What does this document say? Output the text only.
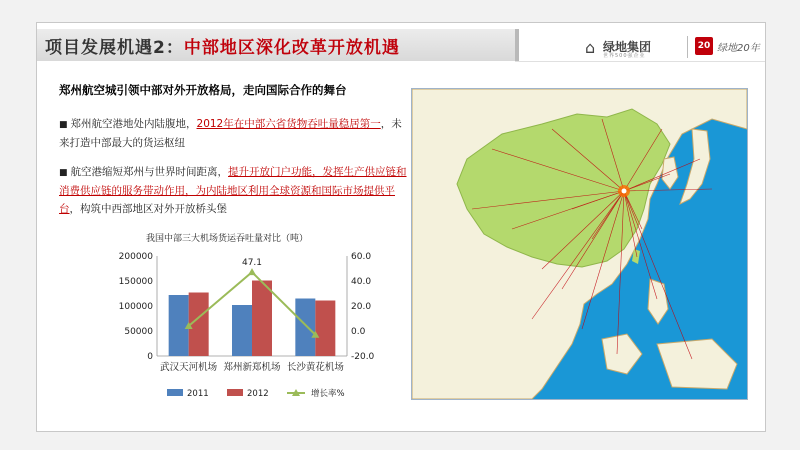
项目发展机遇2：中部地区深化改革开放机遇	⌂ 绿地集团
世界500强企业
20 绿地20年
郑州航空城引领中部对外开放格局，走向国际合作的舞台
■ 郑州航空港地处内陆腹地，2012年在中部六省货物吞吐量稳居第一，未来打造中部最大的货运枢纽
■ 航空港缩短郑州与世界时间距离，提升开放门户功能，发挥生产供应链和消费供应链的服务带动作用，为内陆地区利用全球资源和国际市场提供平台，构筑中西部地区对外开放桥头堡
我国中部三大机场货运吞吐量对比（吨）
0
50000
100000
150000
200000
-20.0
0.0
20.0
40.0
60.0
47.1
武汉天河机场 郑州新郑机场 长沙黄花机场
2011	2012	增长率%
